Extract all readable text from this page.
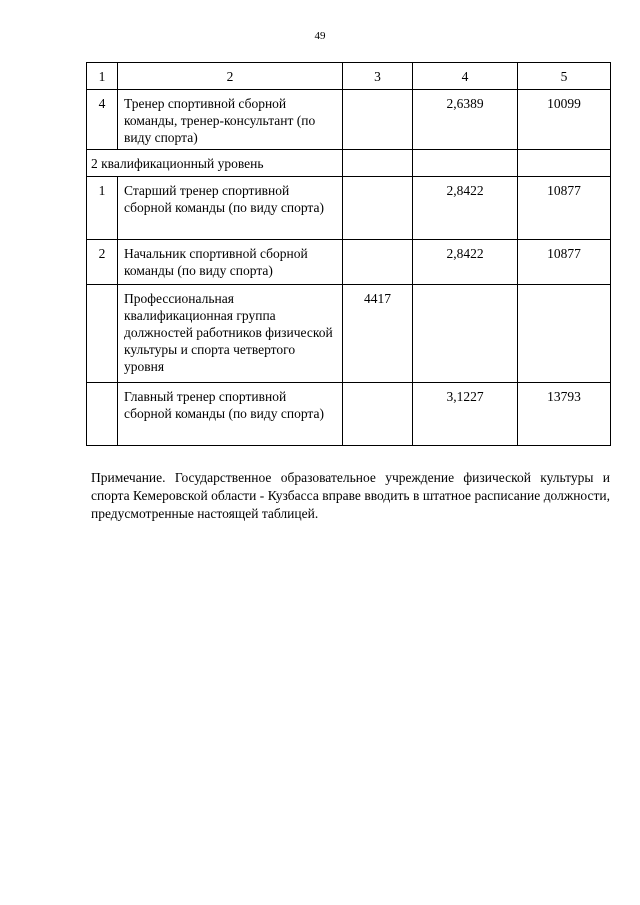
49
1	2	3	4	5
4	Тренер спортивной сборной команды, тренер-консультант (по виду спорта)		2,6389	10099
2 квалификационный уровень				
1	Старший тренер спортивной сборной команды (по виду спорта)		2,8422	10877
2	Начальник спортивной сборной команды (по виду спорта)		2,8422	10877
	Профессиональная квалификационная группа должностей работников физической культуры и спорта четвертого уровня	4417		
	Главный тренер спортивной сборной команды (по виду спорта)		3,1227	13793
Примечание. Государственное образовательное учреждение физической культуры и спорта Кемеровской области - Кузбасса вправе вводить в штатное расписание должности, предусмотренные настоящей таблицей.
